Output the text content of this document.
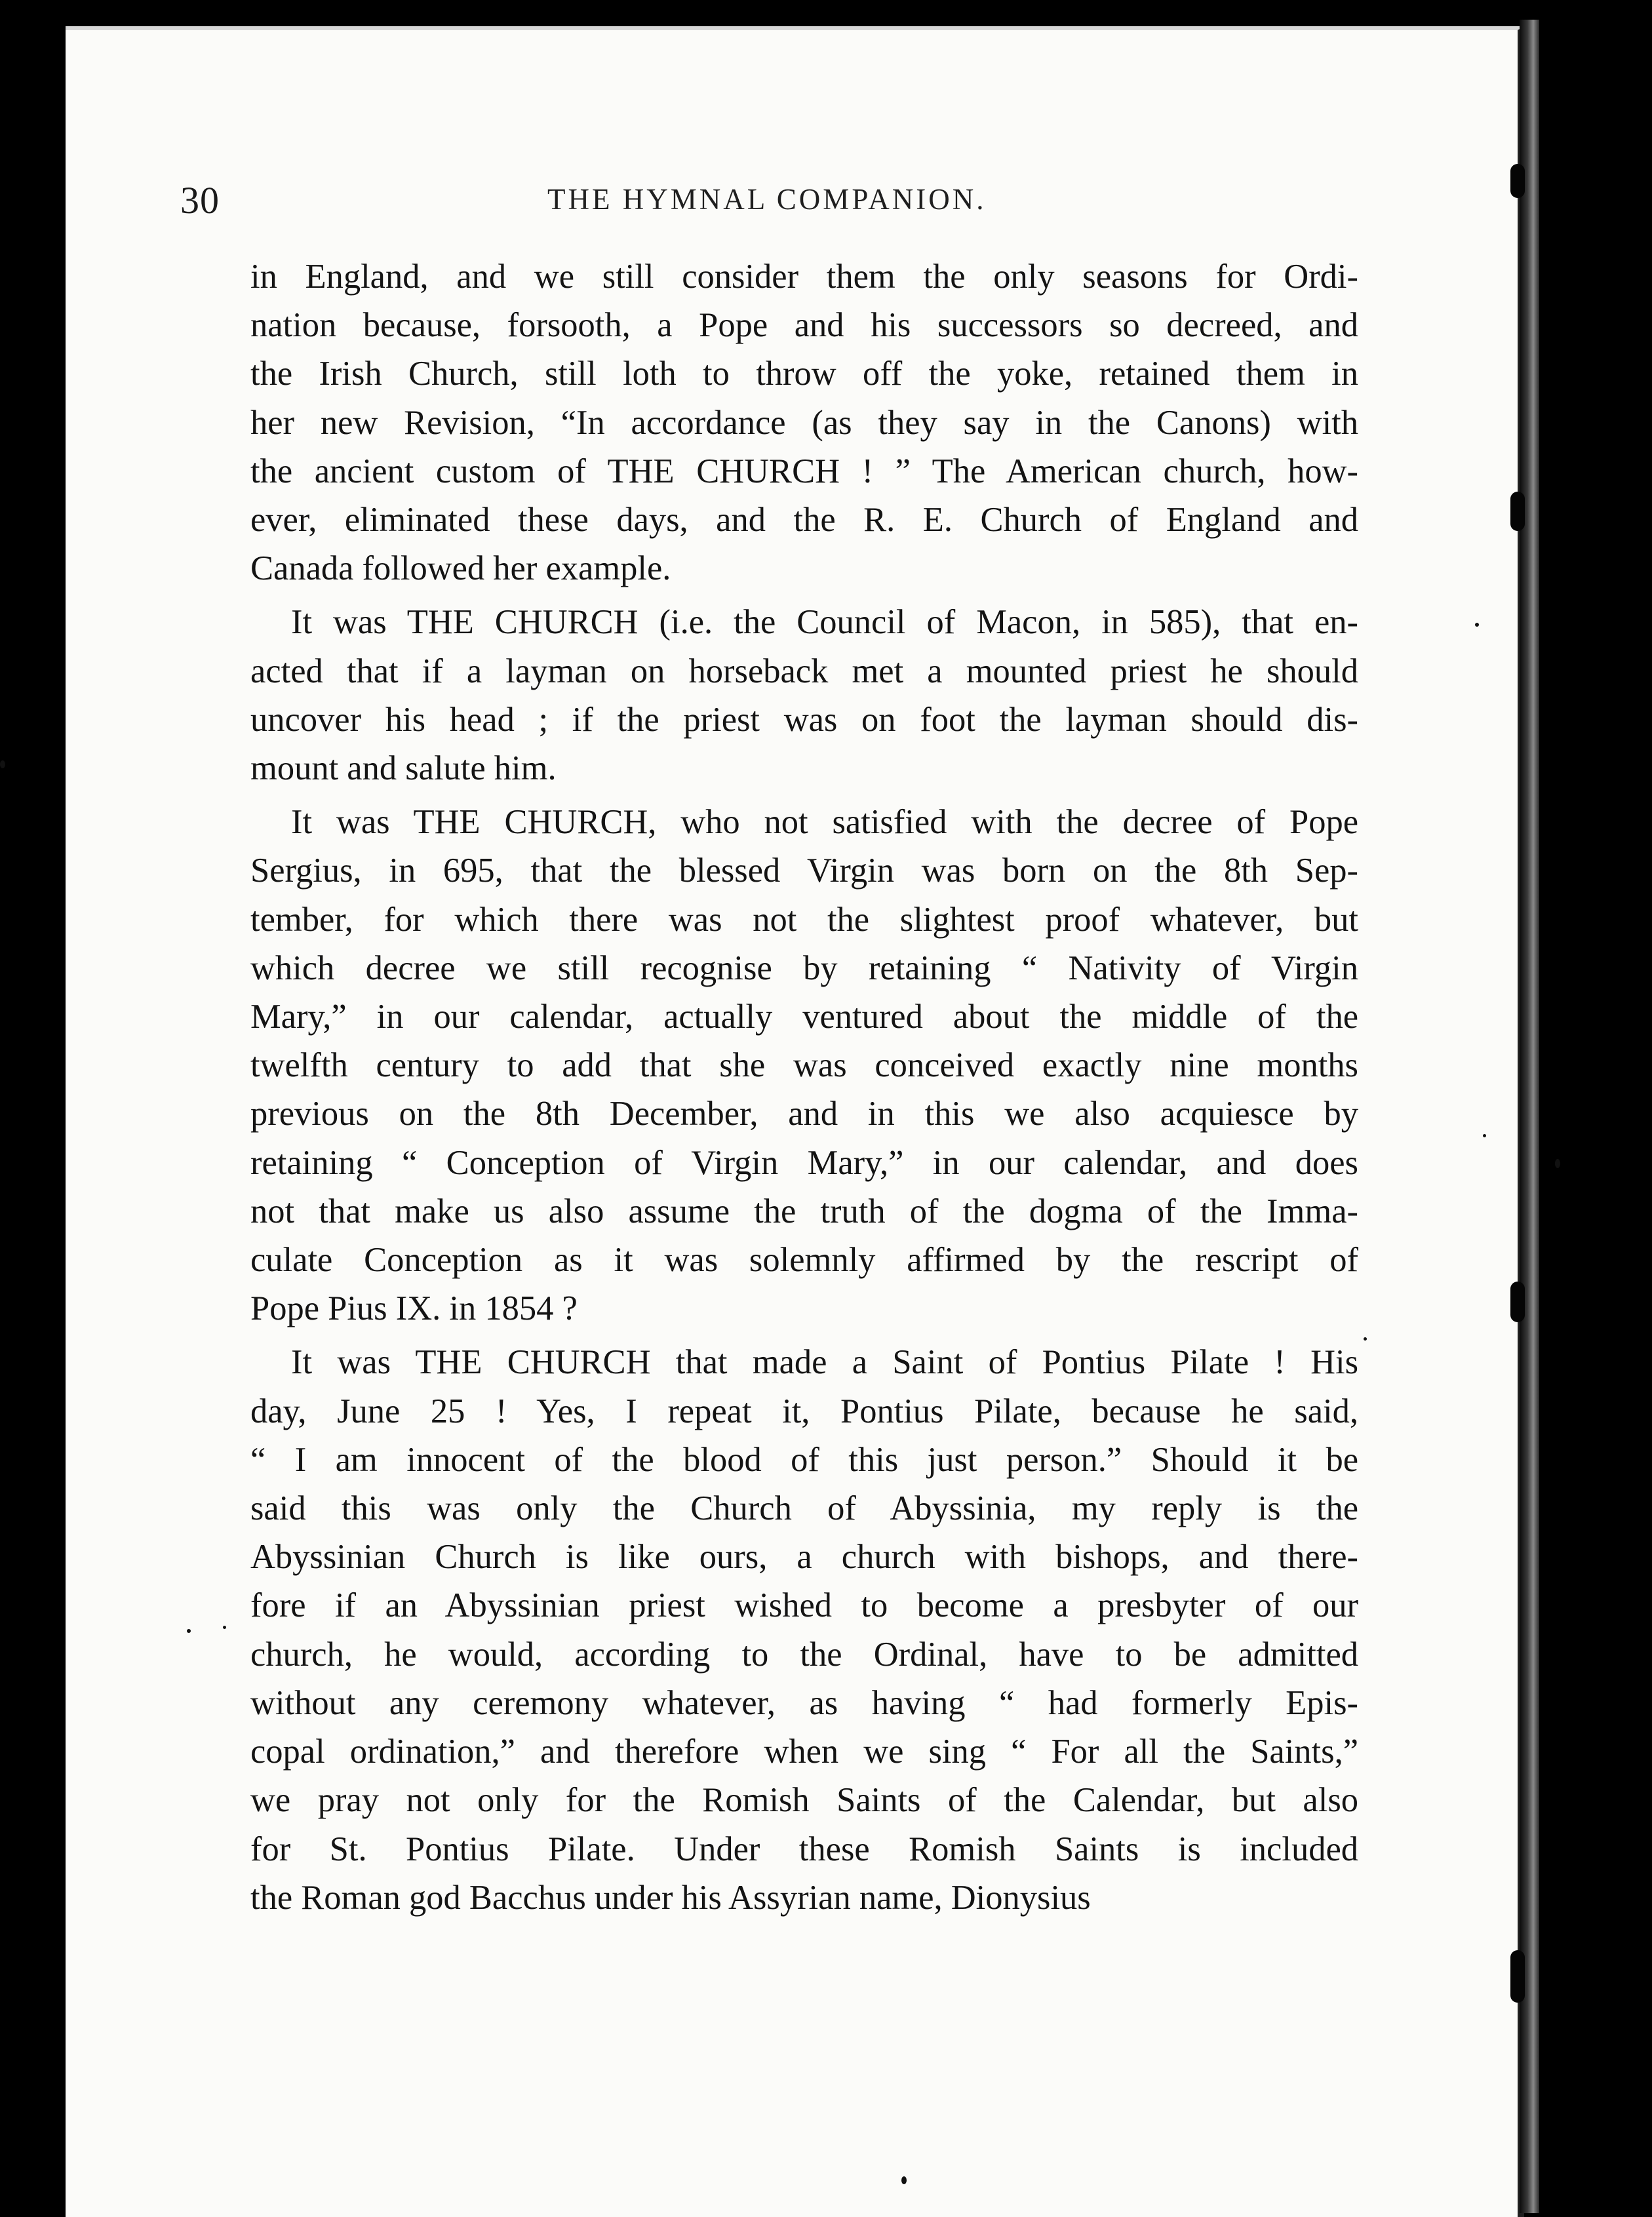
30	THE HYMNAL COMPANION.
in England, and we still consider them the only seasons for Ordi-
nation because, forsooth, a Pope and his successors so decreed, and
the Irish Church, still loth to throw off the yoke, retained them in
her new Revision, “In accordance (as they say in the Canons) with
the ancient custom of THE CHURCH ! ” The American church, how-
ever, eliminated these days, and the R. E. Church of England and
Canada followed her example.
It was THE CHURCH (i.e. the Council of Macon, in 585), that en-
acted that if a layman on horseback met a mounted priest he should
uncover his head ; if the priest was on foot the layman should dis-
mount and salute him.
It was THE CHURCH, who not satisfied with the decree of Pope
Sergius, in 695, that the blessed Virgin was born on the 8th Sep-
tember, for which there was not the slightest proof whatever, but
which decree we still recognise by retaining “ Nativity of Virgin
Mary,” in our calendar, actually ventured about the middle of the
twelfth century to add that she was conceived exactly nine months
previous on the 8th December, and in this we also acquiesce by
retaining “ Conception of Virgin Mary,” in our calendar, and does
not that make us also assume the truth of the dogma of the Imma-
culate Conception as it was solemnly affirmed by the rescript of
Pope Pius IX. in 1854 ?
It was THE CHURCH that made a Saint of Pontius Pilate ! His
day, June 25 ! Yes, I repeat it, Pontius Pilate, because he said,
“ I am innocent of the blood of this just person.” Should it be
said this was only the Church of Abyssinia, my reply is the
Abyssinian Church is like ours, a church with bishops, and there-
fore if an Abyssinian priest wished to become a presbyter of our
church, he would, according to the Ordinal, have to be admitted
without any ceremony whatever, as having “ had formerly Epis-
copal ordination,” and therefore when we sing “ For all the Saints,”
we pray not only for the Romish Saints of the Calendar, but also
for St. Pontius Pilate. Under these Romish Saints is included
the Roman god Bacchus under his Assyrian name, Dionysius
